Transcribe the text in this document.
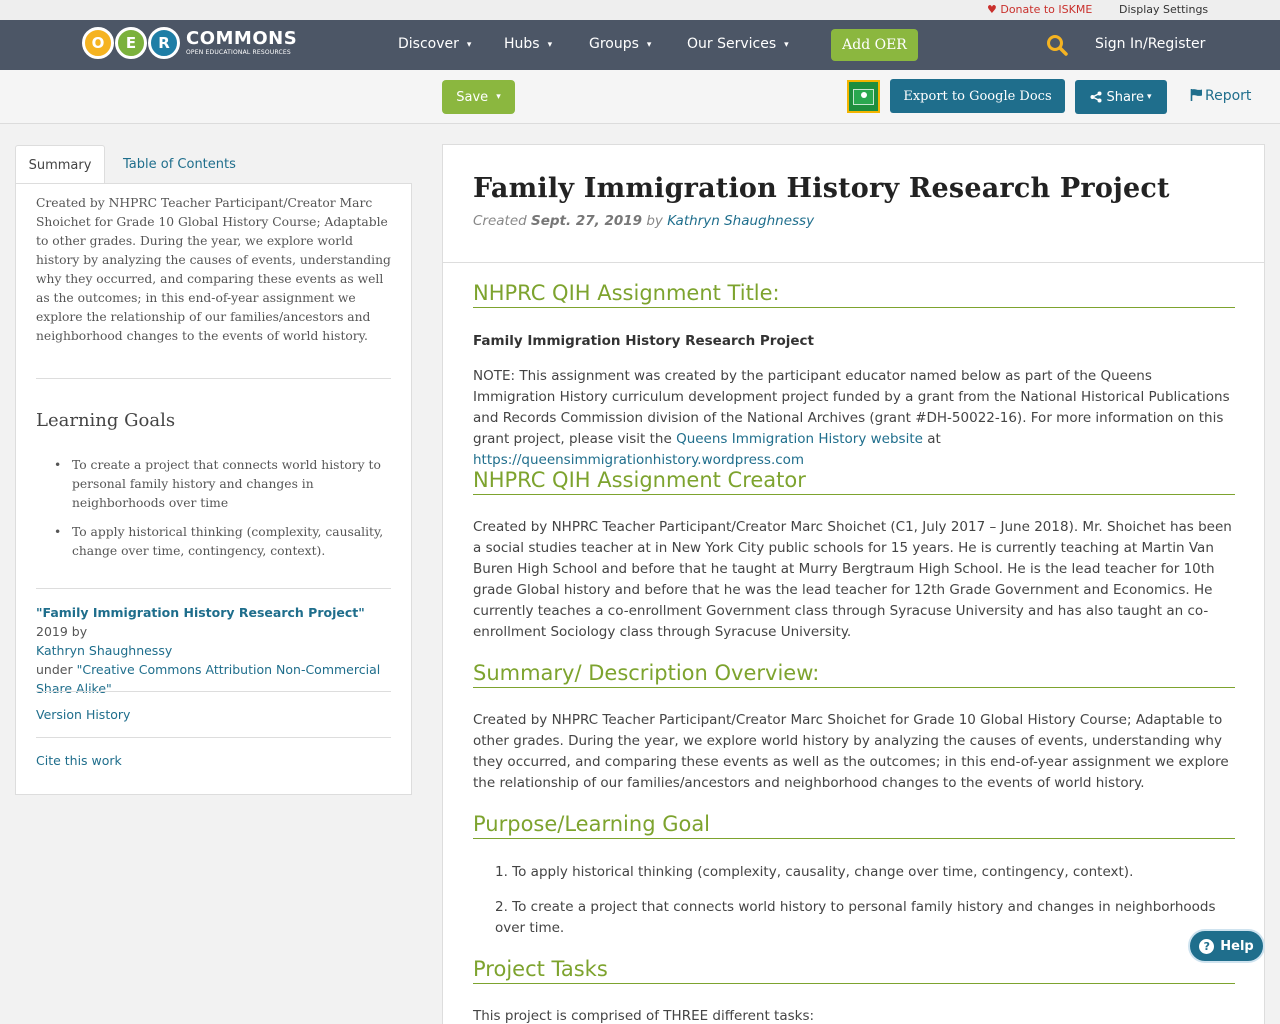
♥ Donate to ISKME Display Settings
O	E	R COMMONS
OPEN EDUCATIONAL RESOURCES
Discover ▾ Hubs ▾	Groups ▾	Our Services ▾	Add OER	Sign In/Register
Save ▾	Export to Google Docs	Share ▾	Report
Summary	Table of Contents
Created by NHPRC Teacher Participant/Creator Marc Shoichet for Grade 10 Global History Course; Adaptable to other grades. During the year, we explore world history by analyzing the causes of events, understanding why they occurred, and comparing these events as well as the outcomes; in this end-of-year assignment we explore the relationship of our families/ancestors and neighborhood changes to the events of world history.
Learning Goals
• To create a project that connects world history to personal family history and changes in neighborhoods over time
• To apply historical thinking (complexity, causality, change over time, contingency, context).
"Family Immigration History Research Project" 2019 by
Kathryn Shaughnessy
under "Creative Commons Attribution Non-Commercial Share Alike"
Version History
Cite this work
Family Immigration History Research Project
Created Sept. 27, 2019 by Kathryn Shaughnessy
NHPRC QIH Assignment Title:
Family Immigration History Research Project
NOTE: This assignment was created by the participant educator named below as part of the Queens Immigration History curriculum development project funded by a grant from the National Historical Publications and Records Commission division of the National Archives (grant #DH-50022-16). For more information on this grant project, please visit the Queens Immigration History website at https://queensimmigrationhistory.wordpress.com
NHPRC QIH Assignment Creator
Created by NHPRC Teacher Participant/Creator Marc Shoichet (C1, July 2017 – June 2018). Mr. Shoichet has been a social studies teacher at in New York City public schools for 15 years. He is currently teaching at Martin Van Buren High School and before that he taught at Murry Bergtraum High School. He is the lead teacher for 10th grade Global history and before that he was the lead teacher for 12th Grade Government and Economics. He currently teaches a co-enrollment Government class through Syracuse University and has also taught an co-enrollment Sociology class through Syracuse University.
Summary/ Description Overview:
Created by NHPRC Teacher Participant/Creator Marc Shoichet for Grade 10 Global History Course; Adaptable to other grades. During the year, we explore world history by analyzing the causes of events, understanding why they occurred, and comparing these events as well as the outcomes; in this end-of-year assignment we explore the relationship of our families/ancestors and neighborhood changes to the events of world history.
Purpose/Learning Goal
1. To apply historical thinking (complexity, causality, change over time, contingency, context).
2. To create a project that connects world history to personal family history and changes in neighborhoods over time.
Project Tasks
This project is comprised of THREE different tasks:
? Help
